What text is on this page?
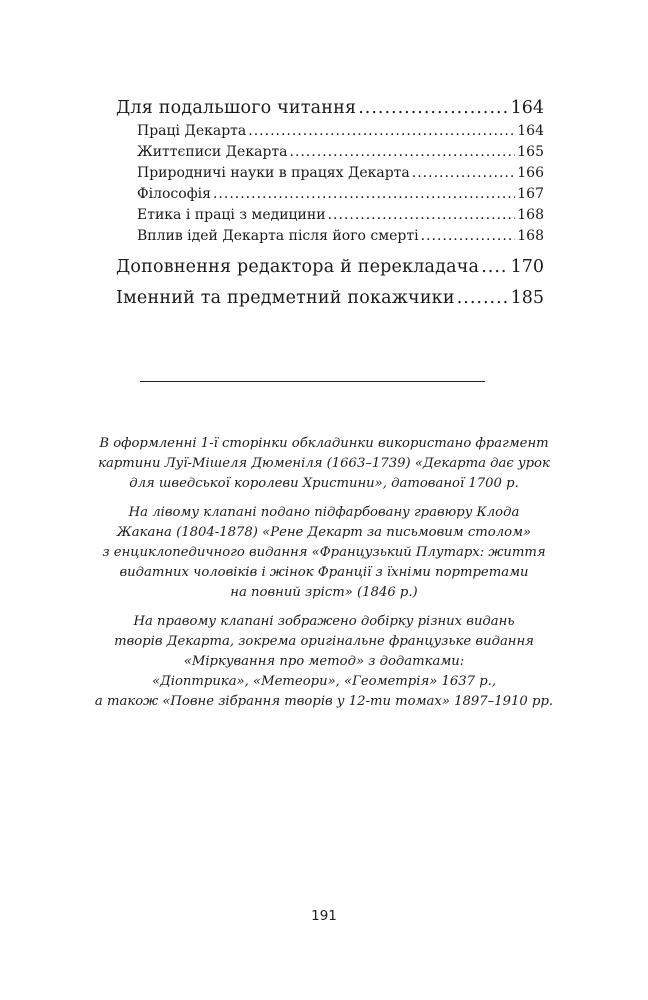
Для подальшого читання .....	164
Праці Декарта .....	164
Життєписи Декарта .....	165
Природничі науки в працях Декарта .....	166
Філософія .....	167
Етика і праці з медицини .....	168
Вплив ідей Декарта після його смерті .....	168
Доповнення редактора й перекладача ..... 170
Іменний та предметний покажчики .....	185

В оформленні 1-ї сторінки обкладинки використано фрагмент
картини Луї-Мішеля Дюменіля (1663–1739) «Декарта дає урок
для шведської королеви Христини», датованої 1700 р.

На лівому клапані подано підфарбовану гравюру Клода
Жакана (1804-1878) «Рене Декарт за письмовим столом»
з енциклопедичного видання «Французький Плутарх: життя
видатних чоловіків і жінок Франції з їхніми портретами
на повний зріст» (1846 р.)

На правому клапані зображено добірку різних видань
творів Декарта, зокрема оригінальне французьке видання
«Міркування про метод» з додатками:
«Діоптрика», «Метеори», «Геометрія» 1637 р.,
а також «Повне зібрання творів у 12-ти томах» 1897–1910 рр.

191
